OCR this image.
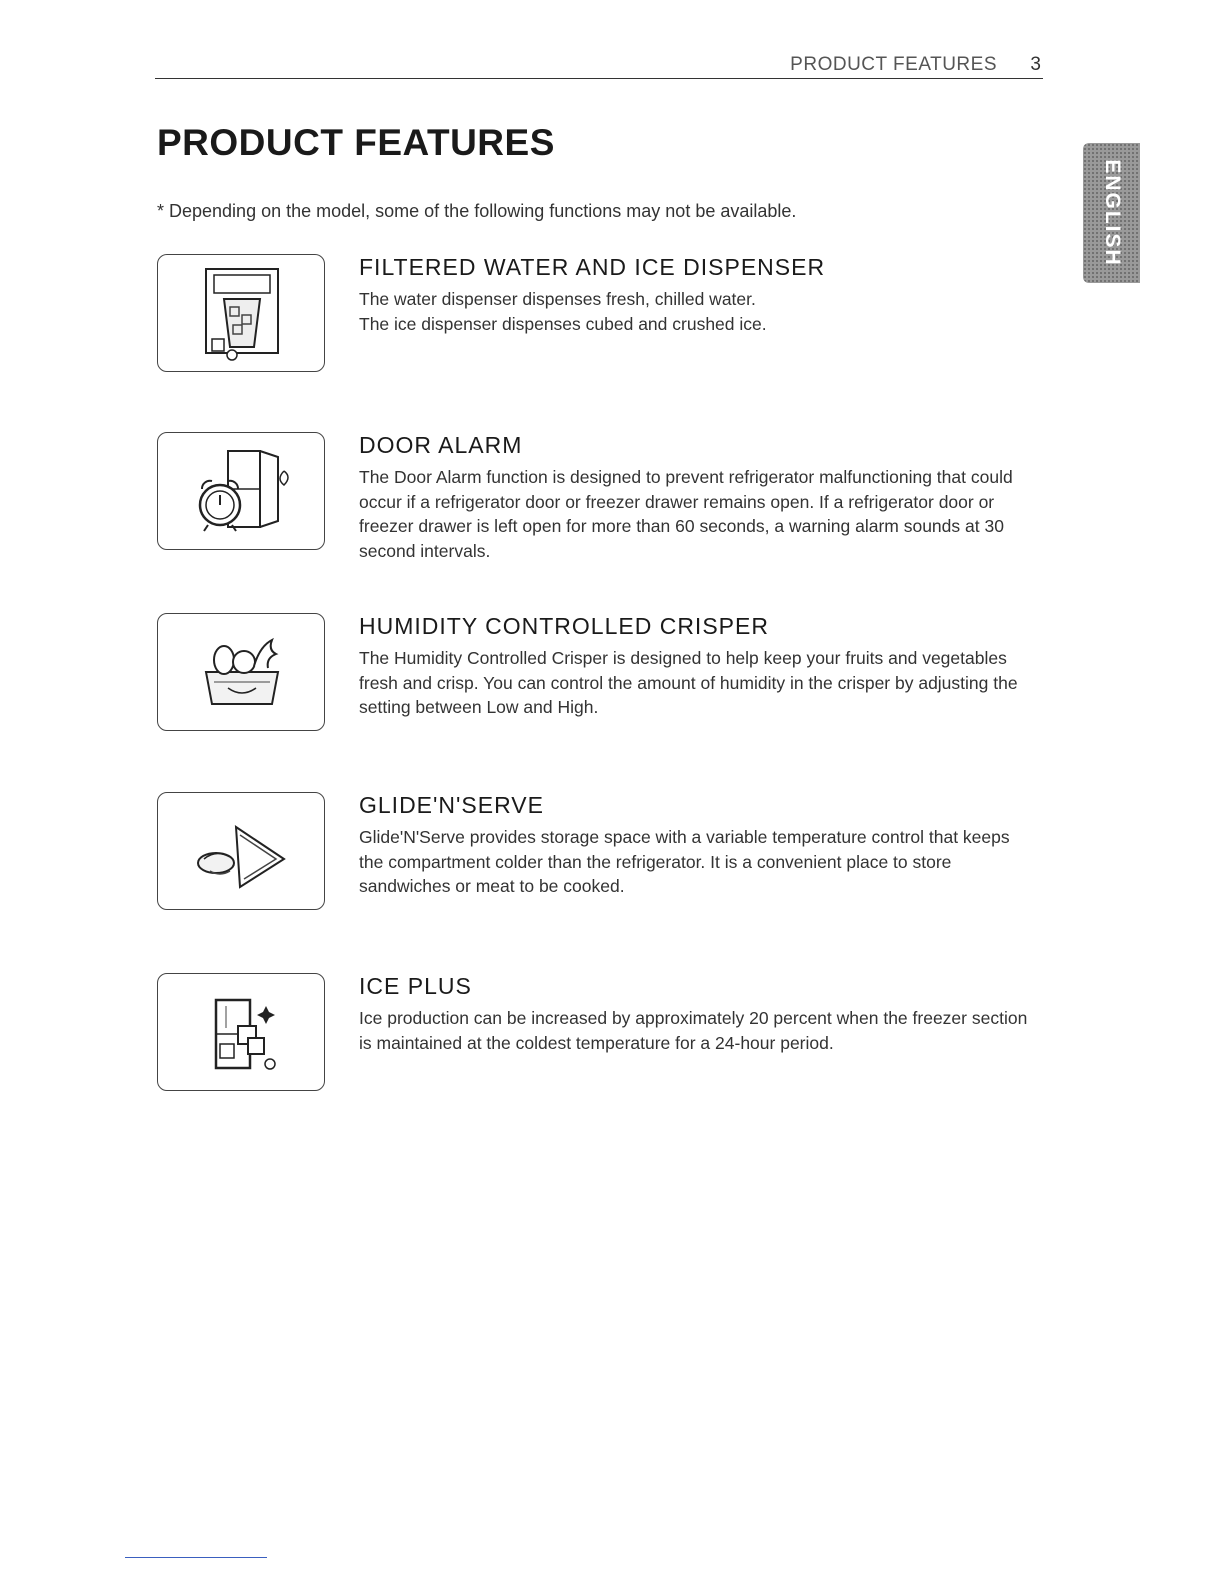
PRODUCT FEATURES 3
PRODUCT FEATURES
* Depending on the model, some of the following functions may not be available.	ENGLISH
FILTERED WATER AND ICE DISPENSER

The water dispenser dispenses fresh, chilled water.
The ice dispenser dispenses cubed and crushed ice.

DOOR ALARM

The Door Alarm function is designed to prevent refrigerator malfunctioning that could occur if a refrigerator door or freezer drawer remains open. If a refrigerator door or freezer drawer is left open for more than 60 seconds, a warning alarm sounds at 30 second intervals.

HUMIDITY CONTROLLED CRISPER

The Humidity Controlled Crisper is designed to help keep your fruits and vegetables fresh and crisp. You can control the amount of humidity in the crisper by adjusting the setting between Low and High.

GLIDE'N'SERVE

Glide'N'Serve provides storage space with a variable temperature control that keeps the compartment colder than the refrigerator. It is a convenient place to store sandwiches or meat to be cooked.

ICE PLUS

Ice production can be increased by approximately 20 percent when the freezer section is maintained at the coldest temperature for a 24-hour period.
